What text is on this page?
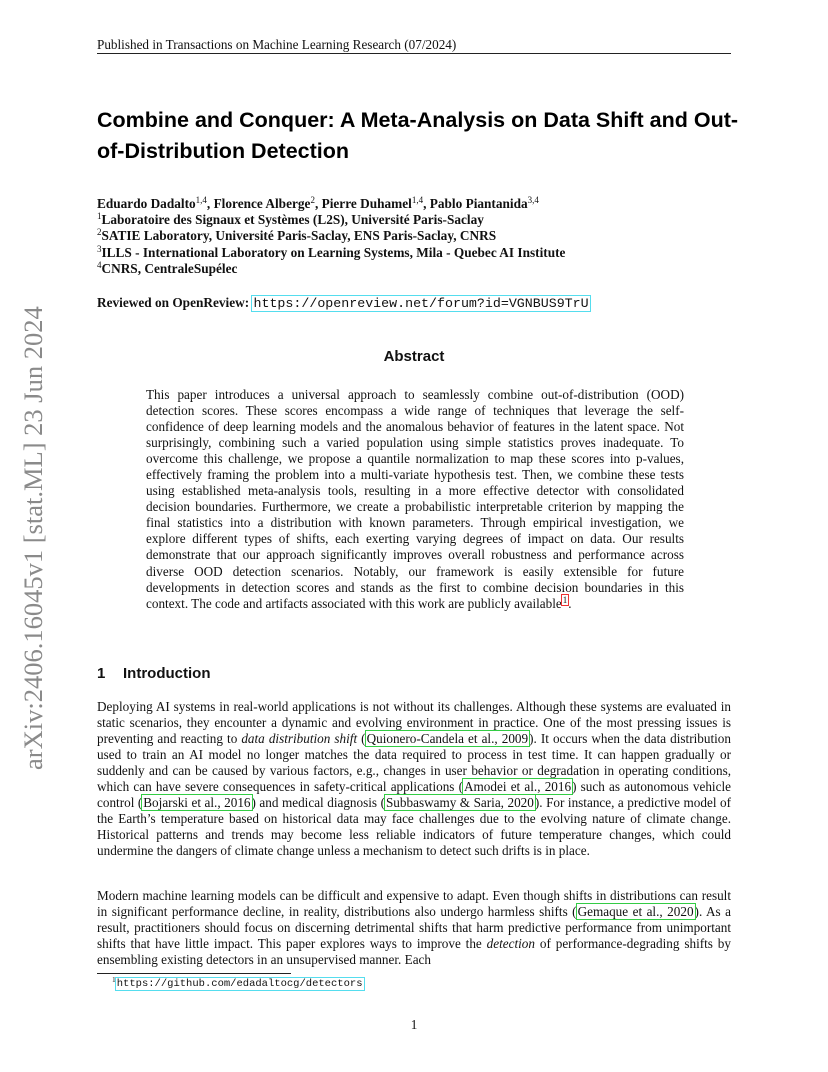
arXiv:2406.16045v1 [stat.ML] 23 Jun 2024
Published in Transactions on Machine Learning Research (07/2024)
Combine and Conquer: A Meta-Analysis on Data Shift and Out-of-Distribution Detection
Eduardo Dadalto$^{1,4}$, Florence Alberge$^2$, Pierre Duhamel$^{1,4}$, Pablo Piantanida$^{3,4}$
$^1$Laboratoire des Signaux et Systèmes (L2S), Université Paris-Saclay
$^2$SATIE Laboratory, Université Paris-Saclay, ENS Paris-Saclay, CNRS
$^3$ILLS - International Laboratory on Learning Systems, Mila - Quebec AI Institute
$^4$CNRS, CentraleSupélec
Reviewed on OpenReview: https://openreview.net/forum?id=VGNBUS9TrU
Abstract
This paper introduces a universal approach to seamlessly combine out-of-distribution (OOD) detection scores. These scores encompass a wide range of techniques that leverage the self-confidence of deep learning models and the anomalous behavior of features in the latent space. Not surprisingly, combining such a varied population using simple statistics proves inadequate. To overcome this challenge, we propose a quantile normalization to map these scores into p-values, effectively framing the problem into a multi-variate hypothesis test. Then, we combine these tests using established meta-analysis tools, resulting in a more effective detector with consolidated decision boundaries. Furthermore, we create a probabilistic interpretable criterion by mapping the final statistics into a distribution with known parameters. Through empirical investigation, we explore different types of shifts, each exerting varying degrees of impact on data. Our results demonstrate that our approach significantly improves overall robustness and performance across diverse OOD detection scenarios. Notably, our framework is easily extensible for future developments in detection scores and stands as the first to combine decision boundaries in this context. The code and artifacts associated with this work are publicly available$^1$.
1 Introduction
Deploying AI systems in real-world applications is not without its challenges. Although these systems are evaluated in static scenarios, they encounter a dynamic and evolving environment in practice. One of the most pressing issues is preventing and reacting to data distribution shift (Quionero-Candela et al., 2009). It occurs when the data distribution used to train an AI model no longer matches the data required to process in test time. It can happen gradually or suddenly and can be caused by various factors, e.g., changes in user behavior or degradation in operating conditions, which can have severe consequences in safety-critical applications (Amodei et al., 2016) such as autonomous vehicle control (Bojarski et al., 2016) and medical diagnosis (Subbaswamy & Saria, 2020). For instance, a predictive model of the Earth’s temperature based on historical data may face challenges due to the evolving nature of climate change. Historical patterns and trends may become less reliable indicators of future temperature changes, which could undermine the dangers of climate change unless a mechanism to detect such drifts is in place.
Modern machine learning models can be difficult and expensive to adapt. Even though shifts in distributions can result in significant performance decline, in reality, distributions also undergo harmless shifts (Gemaque et al., 2020). As a result, practitioners should focus on discerning detrimental shifts that harm predictive performance from unimportant shifts that have little impact. This paper explores ways to improve the detection of performance-degrading shifts by ensembling existing detectors in an unsupervised manner. Each
$^1$https://github.com/edadaltocg/detectors
1
